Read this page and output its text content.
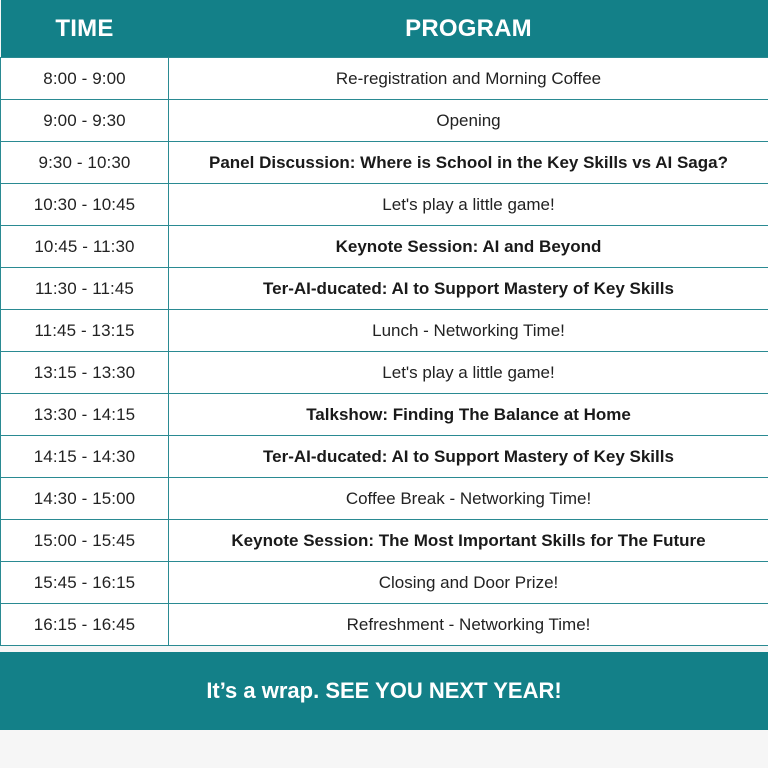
TIME	PROGRAM
8:00 - 9:00	Re-registration and Morning Coffee
9:00 - 9:30	Opening
9:30 - 10:30	Panel Discussion: Where is School in the Key Skills vs AI Saga?
10:30 - 10:45	Let's play a little game!
10:45 - 11:30	Keynote Session: AI and Beyond
11:30 - 11:45	Ter-AI-ducated: AI to Support Mastery of Key Skills
11:45 - 13:15	Lunch - Networking Time!
13:15 - 13:30	Let's play a little game!
13:30 - 14:15	Talkshow: Finding The Balance at Home
14:15 - 14:30	Ter-AI-ducated: AI to Support Mastery of Key Skills
14:30 - 15:00	Coffee Break - Networking Time!
15:00 - 15:45	Keynote Session: The Most Important Skills for The Future
15:45 - 16:15	Closing and Door Prize!
16:15 - 16:45	Refreshment - Networking Time!
It’s a wrap. SEE YOU NEXT YEAR!
